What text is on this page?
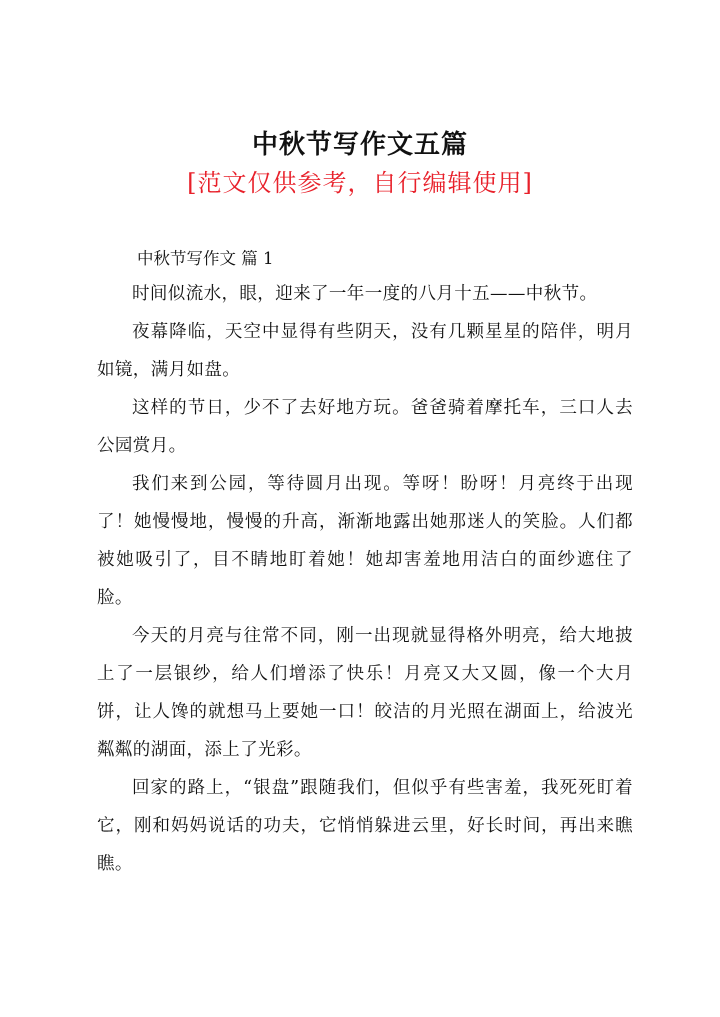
中秋节写作文五篇
[范文仅供参考，自行编辑使用]
中秋节写作文 篇 1

时间似流水，眼，迎来了一年一度的八月十五——中秋节。

夜幕降临，天空中显得有些阴天，没有几颗星星的陪伴，明月如镜，满月如盘。

这样的节日，少不了去好地方玩。爸爸骑着摩托车，三口人去公园赏月。

我们来到公园，等待圆月出现。等呀！盼呀！月亮终于出现了！她慢慢地，慢慢的升高，渐渐地露出她那迷人的笑脸。人们都被她吸引了，目不睛地盯着她！她却害羞地用洁白的面纱遮住了脸。

今天的月亮与往常不同，刚一出现就显得格外明亮，给大地披上了一层银纱，给人们增添了快乐！月亮又大又圆，像一个大月饼，让人馋的就想马上要她一口！皎洁的月光照在湖面上，给波光粼粼的湖面，添上了光彩。

回家的路上，“银盘”跟随我们，但似乎有些害羞，我死死盯着它，刚和妈妈说话的功夫，它悄悄躲进云里，好长时间，再出来瞧瞧。
